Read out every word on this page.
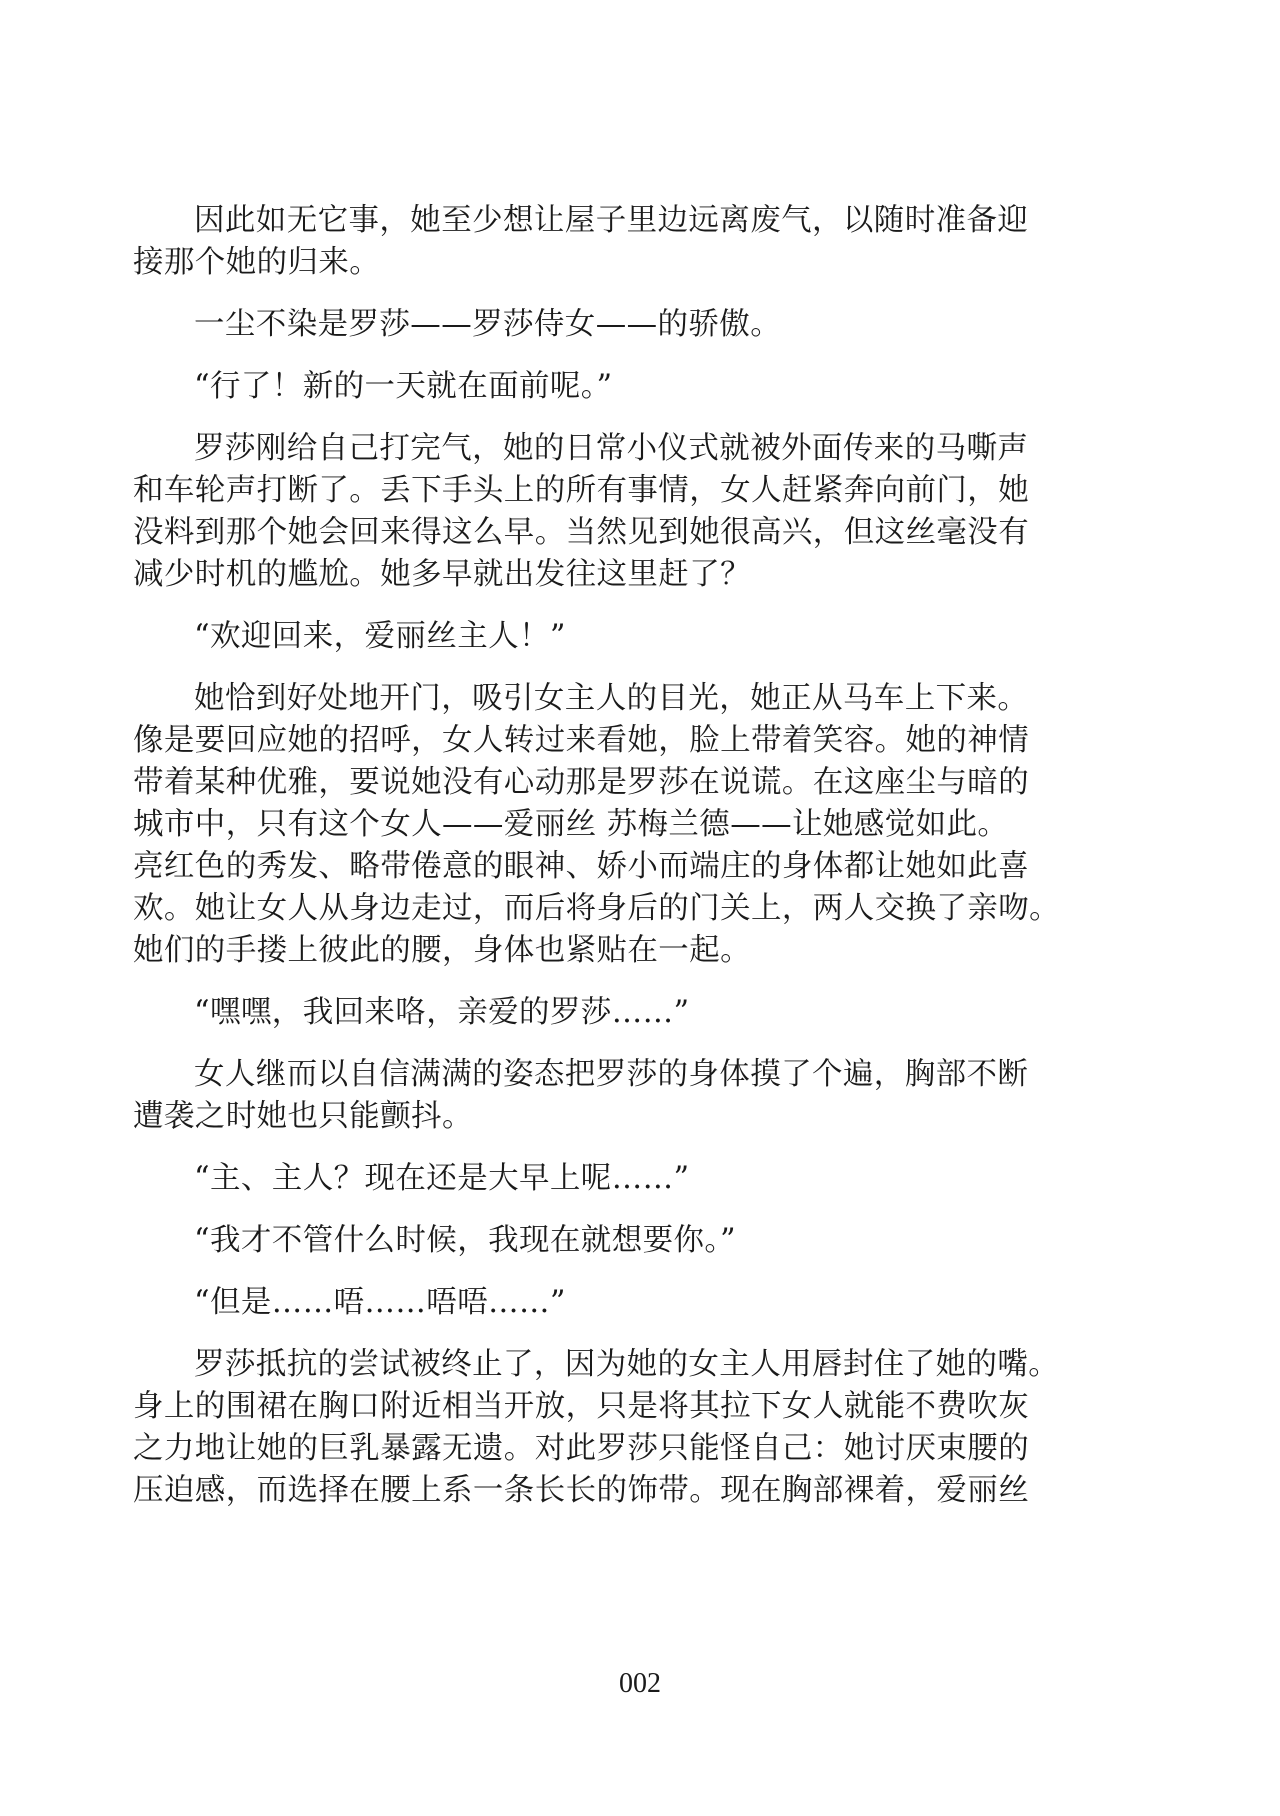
因此如无它事，她至少想让屋子里边远离废气，以随时准备迎
接那个她的归来。

一尘不染是罗莎——罗莎侍女——的骄傲。

“行了！新的一天就在面前呢。”

罗莎刚给自己打完气，她的日常小仪式就被外面传来的马嘶声
和车轮声打断了。丢下手头上的所有事情，女人赶紧奔向前门，她
没料到那个她会回来得这么早。当然见到她很高兴，但这丝毫没有
减少时机的尴尬。她多早就出发往这里赶了？

“欢迎回来，爱丽丝主人！”

她恰到好处地开门，吸引女主人的目光，她正从马车上下来。
像是要回应她的招呼，女人转过来看她，脸上带着笑容。她的神情
带着某种优雅，要说她没有心动那是罗莎在说谎。在这座尘与暗的
城市中，只有这个女人——爱丽丝 苏梅兰德——让她感觉如此。
亮红色的秀发、略带倦意的眼神、娇小而端庄的身体都让她如此喜
欢。她让女人从身边走过，而后将身后的门关上，两人交换了亲吻。
她们的手搂上彼此的腰，身体也紧贴在一起。

“嘿嘿，我回来咯，亲爱的罗莎……”

女人继而以自信满满的姿态把罗莎的身体摸了个遍，胸部不断
遭袭之时她也只能颤抖。

“主、主人？现在还是大早上呢……”

“我才不管什么时候，我现在就想要你。”

“但是……唔……唔唔……”

罗莎抵抗的尝试被终止了，因为她的女主人用唇封住了她的嘴。
身上的围裙在胸口附近相当开放，只是将其拉下女人就能不费吹灰
之力地让她的巨乳暴露无遗。对此罗莎只能怪自己：她讨厌束腰的
压迫感，而选择在腰上系一条长长的饰带。现在胸部裸着，爱丽丝

002
